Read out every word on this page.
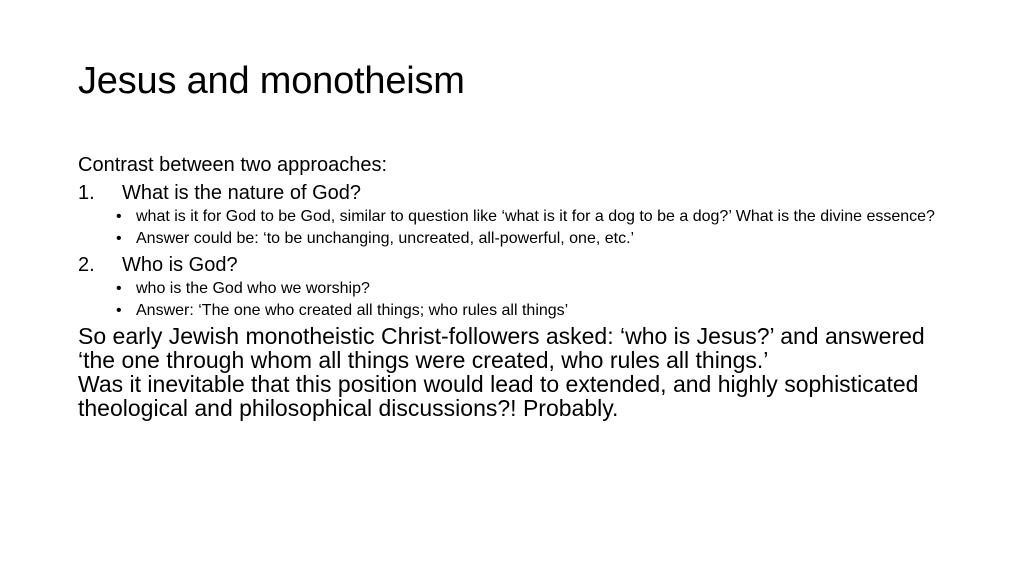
Jesus and monotheism

Contrast between two approaches:

1. What is the nature of God?
• what is it for God to be God, similar to question like ‘what is it for a dog to be a dog?’ What is the divine essence?
• Answer could be: ‘to be unchanging, uncreated, all-powerful, one, etc.’
2. Who is God?
• who is the God who we worship?
• Answer: ‘The one who created all things; who rules all things’

So early Jewish monotheistic Christ-followers asked: ‘who is Jesus?’ and answered ‘the one through whom all things were created, who rules all things.’

Was it inevitable that this position would lead to extended, and highly sophisticated theological and philosophical discussions?! Probably.
